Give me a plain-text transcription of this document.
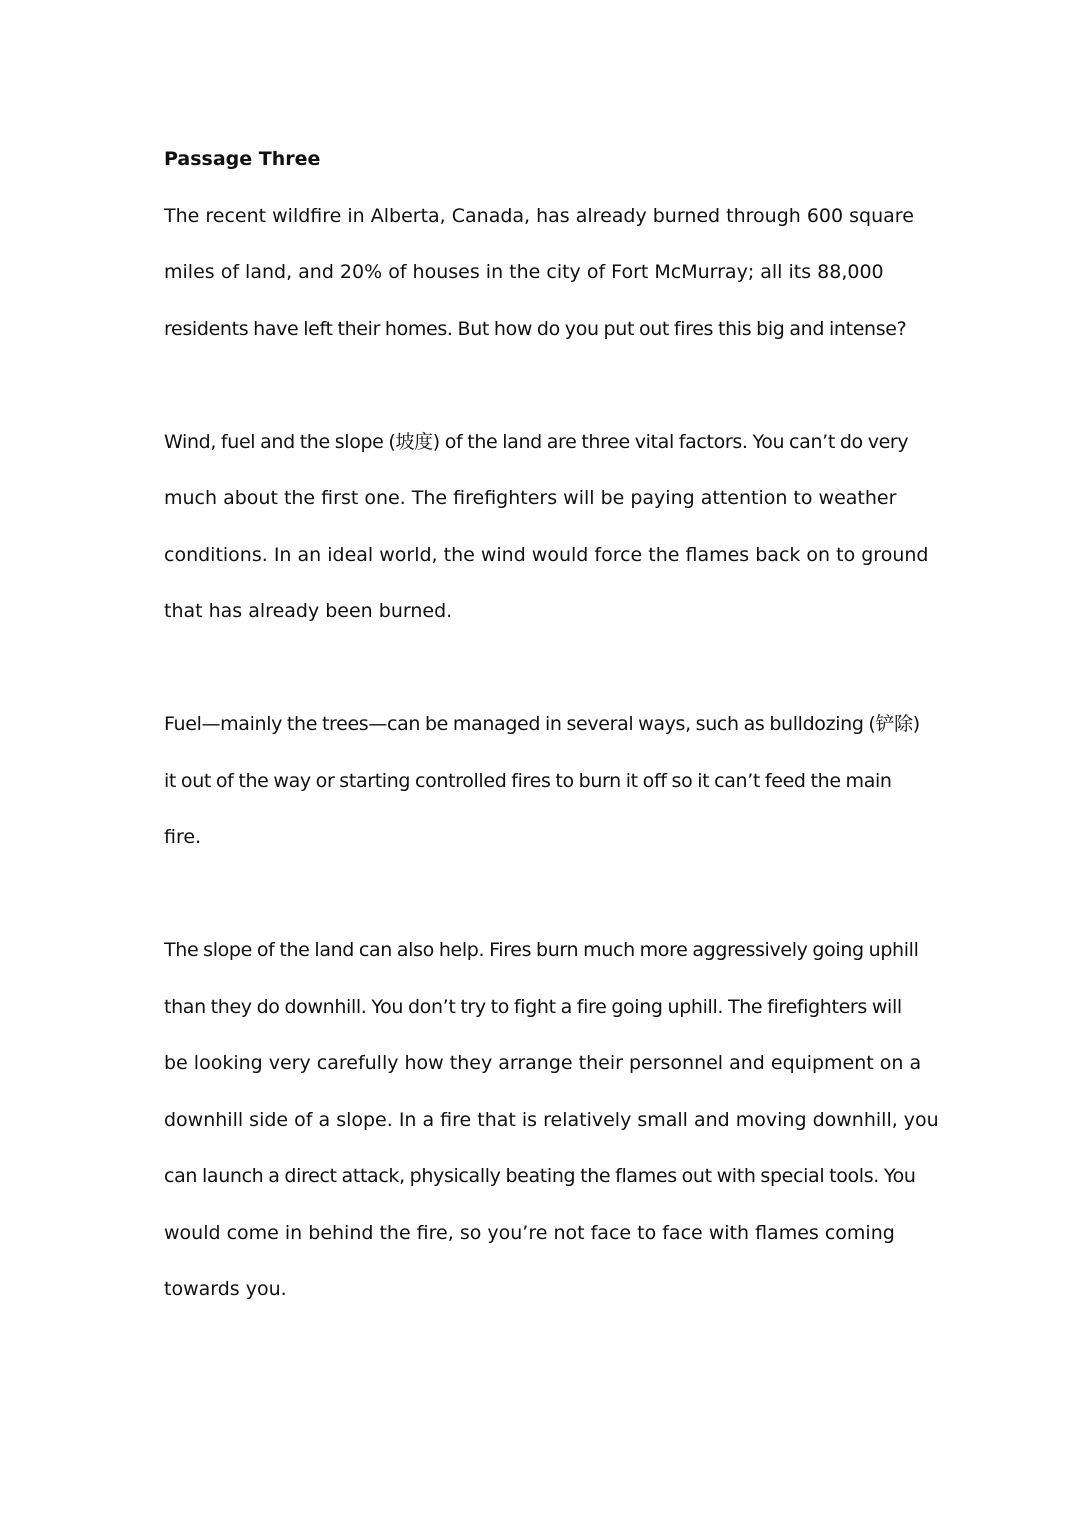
Passage Three
The recent wildfire in Alberta, Canada, has already burned through 600 square
miles of land, and 20% of houses in the city of Fort McMurray; all its 88,000
residents have left their homes. But how do you put out fires this big and intense?
Wind, fuel and the slope (坡度) of the land are three vital factors. You can’t do very
much about the first one. The firefighters will be paying attention to weather
conditions. In an ideal world, the wind would force the flames back on to ground
that has already been burned.
Fuel—mainly the trees—can be managed in several ways, such as bulldozing (铲除)
it out of the way or starting controlled fires to burn it off so it can’t feed the main
fire.
The slope of the land can also help. Fires burn much more aggressively going uphill
than they do downhill. You don’t try to fight a fire going uphill. The firefighters will
be looking very carefully how they arrange their personnel and equipment on a
downhill side of a slope. In a fire that is relatively small and moving downhill, you
can launch a direct attack, physically beating the flames out with special tools. You
would come in behind the fire, so you’re not face to face with flames coming
towards you.
